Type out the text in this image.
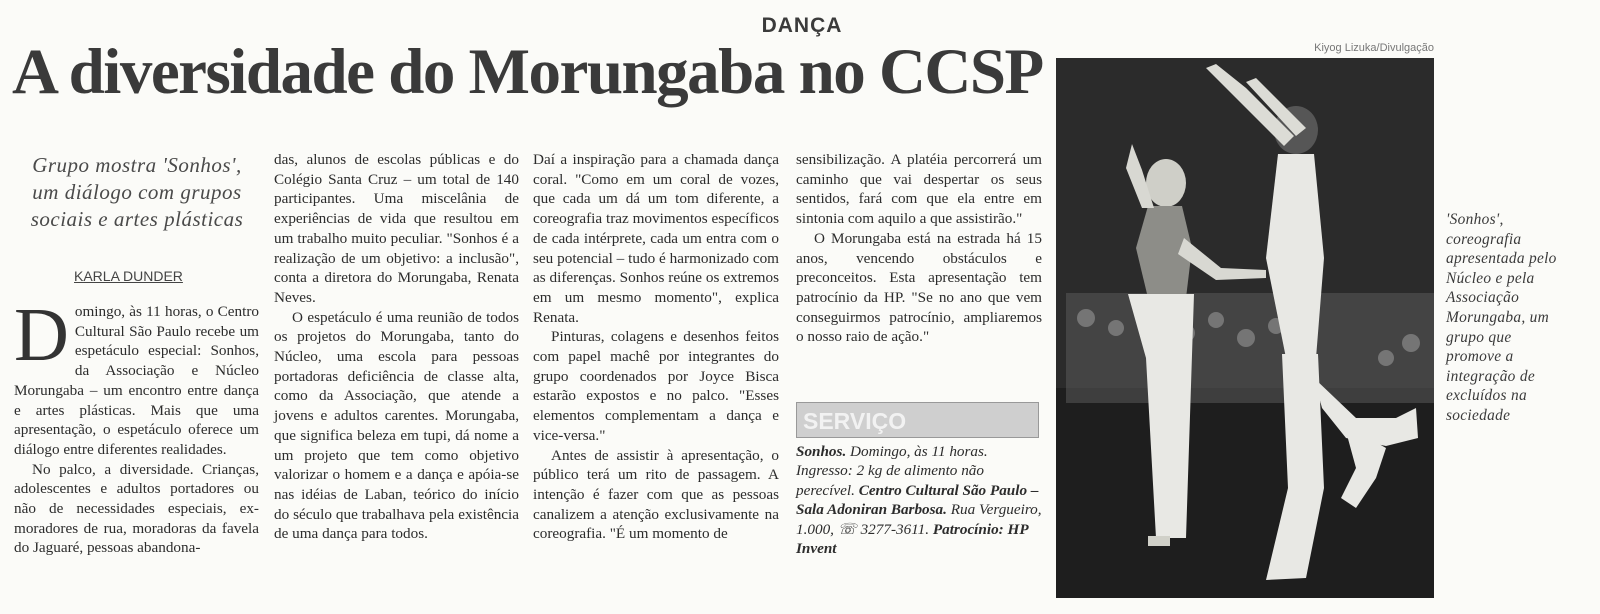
DANÇA
A diversidade do Morungaba no CCSP
Grupo mostra 'Sonhos', um diálogo com grupos sociais e artes plásticas
KARLA DUNDER

Domingo, às 11 horas, o Centro Cultural São Paulo recebe um espetáculo especial: Sonhos, da Associação e Núcleo Morungaba – um encontro entre dança e artes plásticas. Mais que uma apresentação, o espetáculo oferece um diálogo entre diferentes realidades.

No palco, a diversidade. Crianças, adolescentes e adultos portadores ou não de necessidades especiais, ex-moradores de rua, moradoras da favela do Jaguaré, pessoas abandona-

das, alunos de escolas públicas e do Colégio Santa Cruz – um total de 140 participantes. Uma miscelânia de experiências de vida que resultou em um trabalho muito peculiar. "Sonhos é a realização de um objetivo: a inclusão", conta a diretora do Morungaba, Renata Neves.

O espetáculo é uma reunião de todos os projetos do Morungaba, tanto do Núcleo, uma escola para pessoas portadoras deficiência de classe alta, como da Associação, que atende a jovens e adultos carentes. Morungaba, que significa beleza em tupi, dá nome a um projeto que tem como objetivo valorizar o homem e a dança e apóia-se nas idéias de Laban, teórico do início do século que trabalhava pela existência de uma dança para todos.

Daí a inspiração para a chamada dança coral. "Como em um coral de vozes, que cada um dá um tom diferente, a coreografia traz movimentos específicos de cada intérprete, cada um entra com o seu potencial – tudo é harmonizado com as diferenças. Sonhos reúne os extremos em um mesmo momento", explica Renata.

Pinturas, colagens e desenhos feitos com papel machê por integrantes do grupo coordenados por Joyce Bisca estarão expostos e no palco. "Esses elementos complementam a dança e vice-versa."

Antes de assistir à apresentação, o público terá um rito de passagem. A intenção é fazer com que as pessoas canalizem a atenção exclusivamente na coreografia. "É um momento de

sensibilização. A platéia percorrerá um caminho que vai despertar os seus sentidos, fará com que ela entre em sintonia com aquilo a que assistirão."

O Morungaba está na estrada há 15 anos, vencendo obstáculos e preconceitos. Esta apresentação tem patrocínio da HP. "Se no ano que vem conseguirmos patrocínio, ampliaremos o nosso raio de ação."

SERVIÇO
Sonhos. Domingo, às 11 horas. Ingresso: 2 kg de alimento não perecível. Centro Cultural São Paulo – Sala Adoniran Barbosa. Rua Vergueiro, 1.000, ☏ 3277-3611. Patrocínio: HP Invent
Kiyog Lizuka/Divulgação
'Sonhos', coreografia apresentada pelo Núcleo e pela Associação Morungaba, um grupo que promove a integração de excluídos na sociedade
